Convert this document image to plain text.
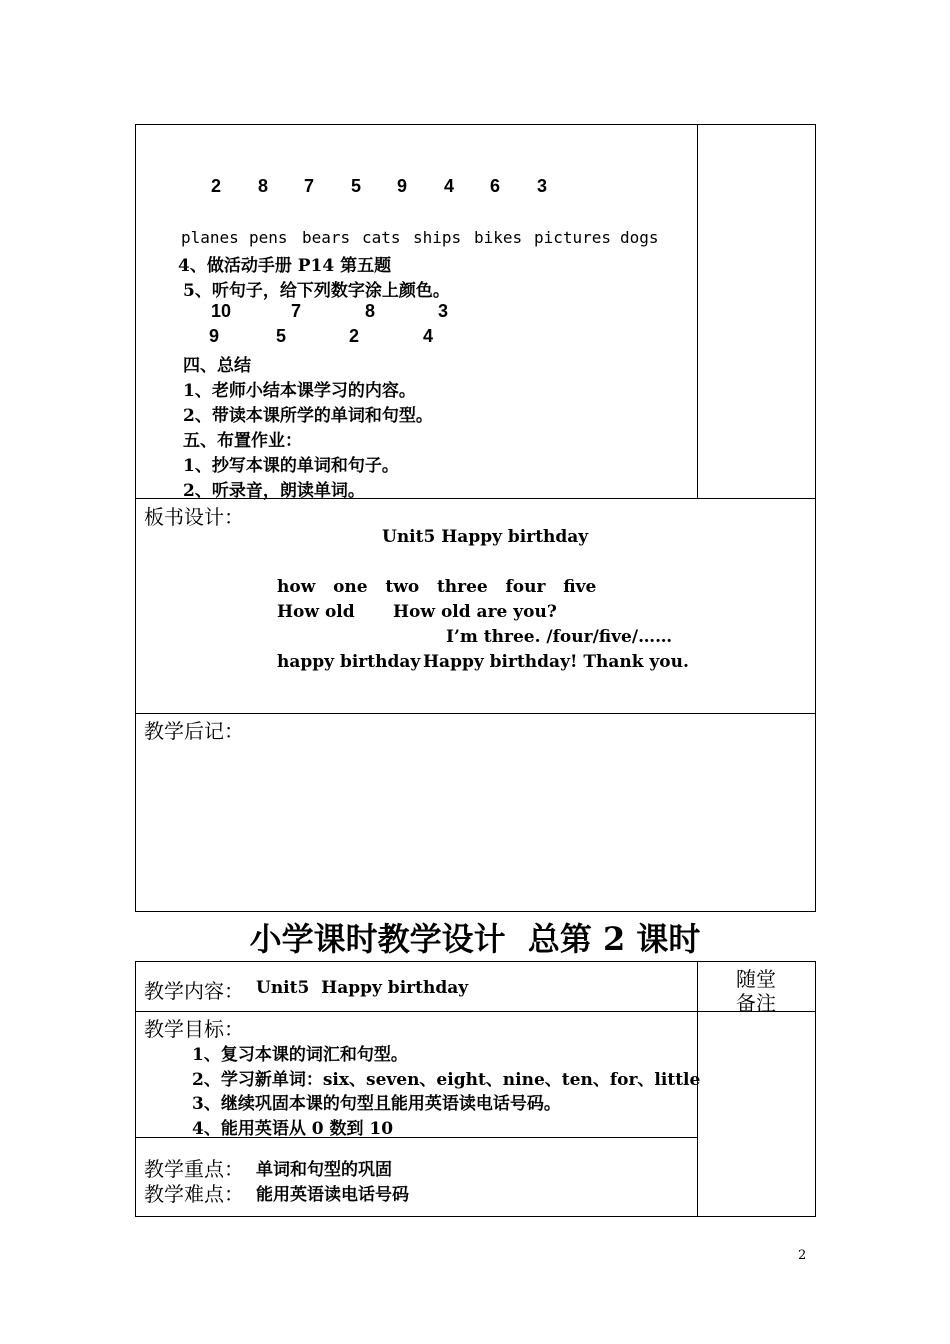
2 8 7 5 9 4 6 3
planes pens bears cats ships bikes pictures dogs
4、做活动手册 P14 第五题
5、听句子，给下列数字涂上颜色。
10	7	8	3
9	5	2	4
四、总结
1、老师小结本课学习的内容。
2、带读本课所学的单词和句型。
五、布置作业：
1、抄写本课的单词和句子。
2、听录音，朗读单词。
板书设计：
Unit5 Happy birthday
how   one   two   three   four   five
How old How old are you?
I’m three. /four/five/……
happy birthday Happy birthday! Thank you.
教学后记：
小学课时教学设计  总第 2 课时
教学内容： Unit5  Happy birthday	随堂
备注
教学目标：
1、复习本课的词汇和句型。
2、学习新单词：six、seven、eight、nine、ten、for、little
3、继续巩固本课的句型且能用英语读电话号码。
4、能用英语从 0 数到 10
教学重点： 单词和句型的巩固
教学难点： 能用英语读电话号码
2
